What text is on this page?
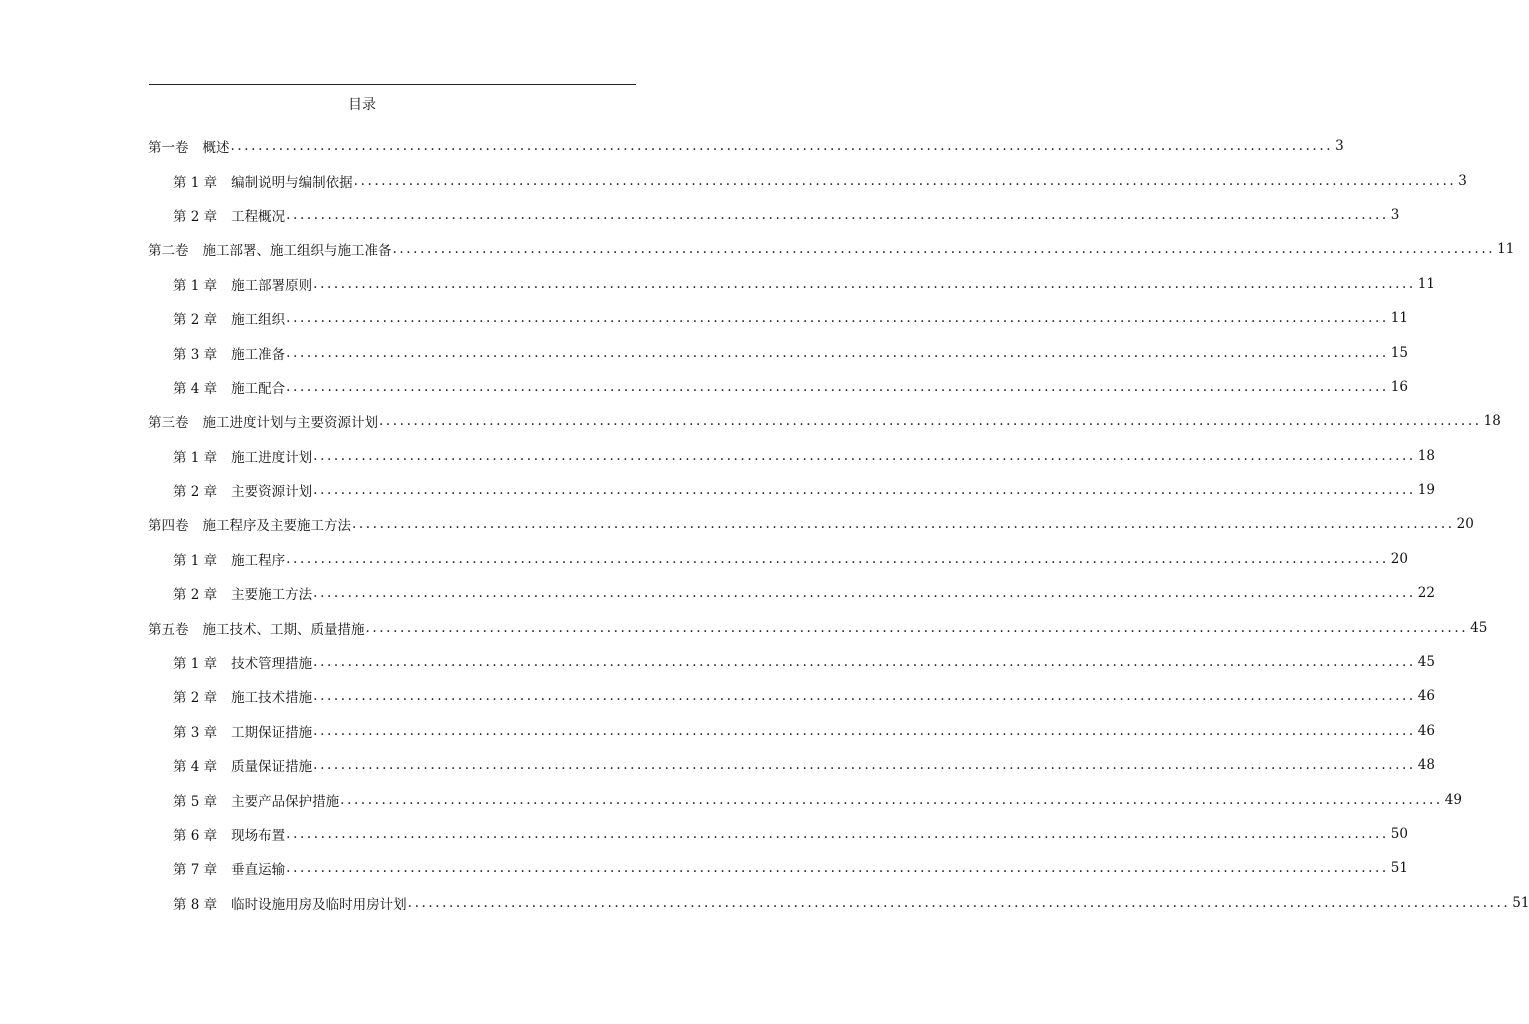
目录
第一卷 概述 ................................................................................................................................................................ 3
第 1 章 编制说明与编制依据 ................................................................................................................................................................ 3
第 2 章 工程概况 ................................................................................................................................................................ 3
第二卷 施工部署、施工组织与施工准备 ................................................................................................................................................................ 11
第 1 章 施工部署原则 ................................................................................................................................................................ 11
第 2 章 施工组织 ................................................................................................................................................................ 11
第 3 章 施工准备 ................................................................................................................................................................ 15
第 4 章 施工配合 ................................................................................................................................................................ 16
第三卷 施工进度计划与主要资源计划 ................................................................................................................................................................ 18
第 1 章 施工进度计划 ................................................................................................................................................................ 18
第 2 章 主要资源计划 ................................................................................................................................................................ 19
第四卷 施工程序及主要施工方法 ................................................................................................................................................................ 20
第 1 章 施工程序 ................................................................................................................................................................ 20
第 2 章 主要施工方法 ................................................................................................................................................................ 22
第五卷 施工技术、工期、质量措施 ................................................................................................................................................................ 45
第 1 章 技术管理措施 ................................................................................................................................................................ 45
第 2 章 施工技术措施 ................................................................................................................................................................ 46
第 3 章 工期保证措施 ................................................................................................................................................................ 46
第 4 章 质量保证措施 ................................................................................................................................................................ 48
第 5 章 主要产品保护措施 ................................................................................................................................................................ 49
第 6 章 现场布置 ................................................................................................................................................................ 50
第 7 章 垂直运输 ................................................................................................................................................................ 51
第 8 章 临时设施用房及临时用房计划 ................................................................................................................................................................ 51
